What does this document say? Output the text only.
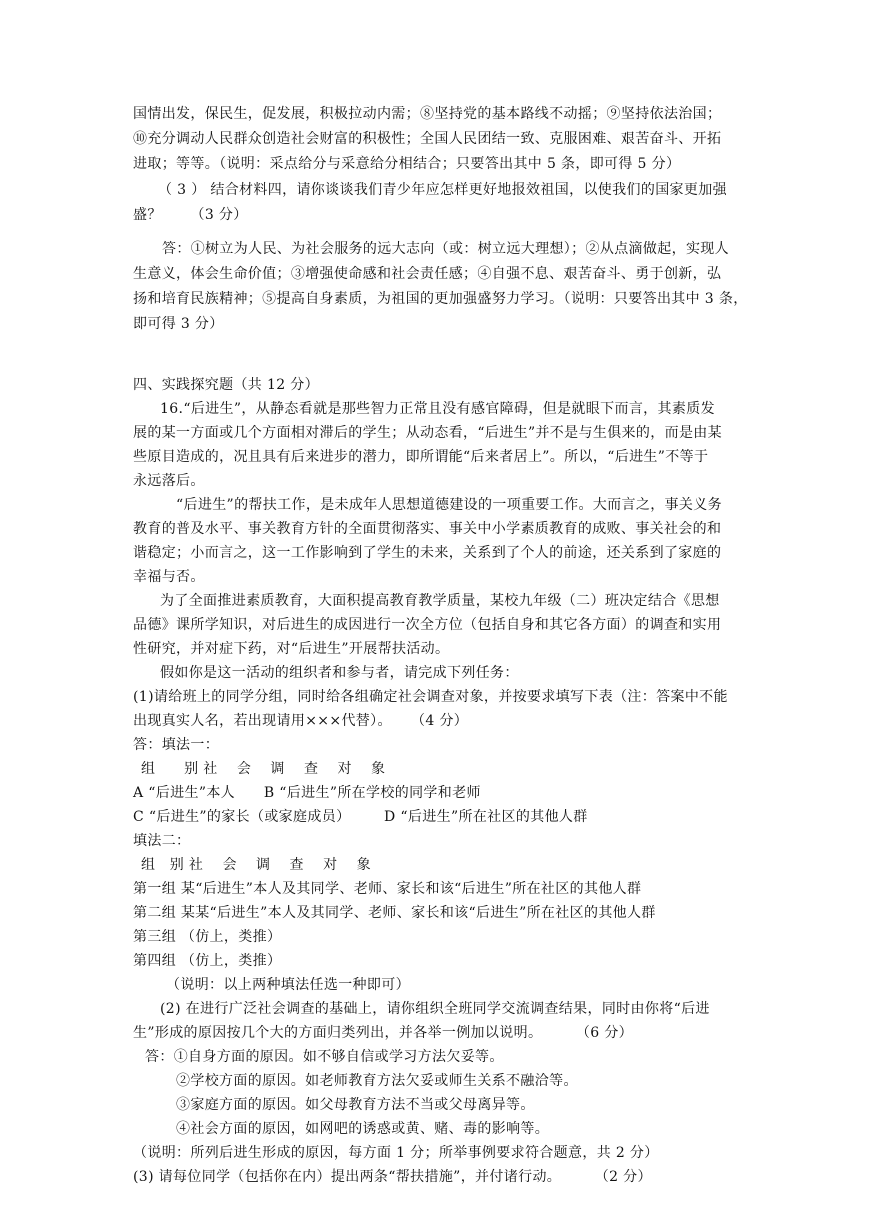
国情出发，保民生，促发展，积极拉动内需；⑧坚持党的基本路线不动摇；⑨坚持依法治国；

⑩充分调动人民群众创造社会财富的积极性；全国人民团结一致、克服困难、艰苦奋斗、开拓

进取；等等。（说明：采点给分与采意给分相结合；只要答出其中 5 条，即可得 5 分）

（ 3 ） 结合材料四，请你谈谈我们青少年应怎样更好地报效祖国，以使我们的国家更加强

盛？      （3 分）

答：①树立为人民、为社会服务的远大志向（或：树立远大理想）；②从点滴做起，实现人

生意义，体会生命价值；③增强使命感和社会责任感；④自强不息、艰苦奋斗、勇于创新，弘

扬和培育民族精神；⑤提高自身素质，为祖国的更加强盛努力学习。（说明：只要答出其中 3 条，

即可得 3 分）

四、实践探究题（共 12 分）

16.“后进生”，从静态看就是那些智力正常且没有感官障碍，但是就眼下而言，其素质发

展的某一方面或几个方面相对滞后的学生；从动态看，“后进生”并不是与生俱来的，而是由某

些原目造成的，况且具有后来进步的潜力，即所谓能“后来者居上”。所以，“后进生”不等于

永远落后。

“后进生”的帮扶工作，是未成年人思想道德建设的一项重要工作。大而言之，事关义务

教育的普及水平、事关教育方针的全面贯彻落实、事关中小学素质教育的成败、事关社会的和

谐稳定；小而言之，这一工作影响到了学生的未来，关系到了个人的前途，还关系到了家庭的

幸福与否。

为了全面推进素质教育，大面积提高教育教学质量，某校九年级（二）班决定结合《思想

品德》课所学知识，对后进生的成因进行一次全方位（包括自身和其它各方面）的调查和实用

性研究，并对症下药，对“后进生”开展帮扶活动。

假如你是这一活动的组织者和参与者，请完成下列任务：

(1)请给班上的同学分组，同时给各组确定社会调查对象，并按要求填写下表（注：答案中不能

出现真实人名，若出现请用×××代替）。    （4 分）

答：填法一：

组      别 社    会    调    查    对    象

A “后进生”本人      B “后进生”所在学校的同学和老师

C “后进生”的家长（或家庭成员）       D “后进生”所在社区的其他人群

填法二：

组   别 社    会    调    查    对    象

第一组 某“后进生”本人及其同学、老师、家长和该“后进生”所在社区的其他人群

第二组 某某“后进生”本人及其同学、老师、家长和该“后进生”所在社区的其他人群

第三组 （仿上，类推）

第四组 （仿上，类推）

（说明：以上两种填法任选一种即可）

(2) 在进行广泛社会调查的基础上，请你组织全班同学交流调查结果，同时由你将“后进

生”形成的原因按几个大的方面归类列出，并各举一例加以说明。       （6 分）

答：①自身方面的原因。如不够自信或学习方法欠妥等。

②学校方面的原因。如老师教育方法欠妥或师生关系不融洽等。

③家庭方面的原因。如父母教育方法不当或父母离异等。

④社会方面的原因，如网吧的诱惑或黄、赌、毒的影响等。

（说明：所列后进生形成的原因，每方面 1 分；所举事例要求符合题意，共 2 分）

(3) 请每位同学（包括你在内）提出两条“帮扶措施”，并付诸行动。       （2 分）
